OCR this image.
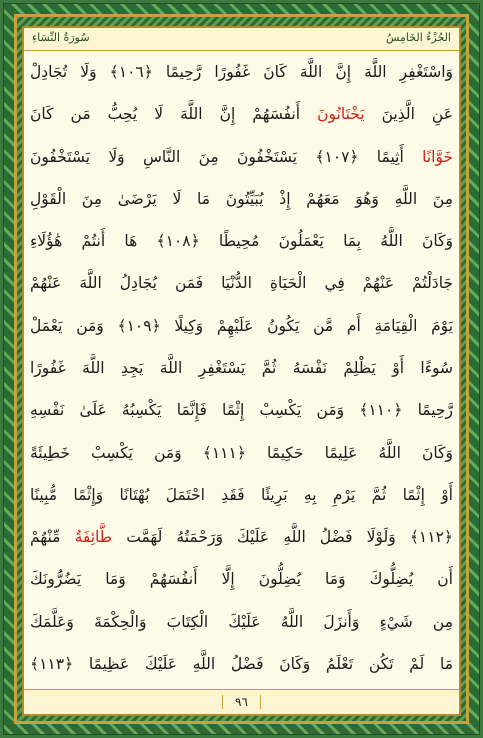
سُورَةُ النِّسَاءِ	الجُزْءُ الخَامِسُ
وَاسْتَغْفِرِ اللَّهَ إِنَّ اللَّهَ كَانَ غَفُورًا رَّحِيمًا ﴿١٠٦﴾ وَلَا تُجَادِلْ
عَنِ الَّذِينَ يَخْتَانُونَ أَنفُسَهُمْ إِنَّ اللَّهَ لَا يُحِبُّ مَن كَانَ
خَوَّانًا أَثِيمًا ﴿١٠٧﴾ يَسْتَخْفُونَ مِنَ النَّاسِ وَلَا يَسْتَخْفُونَ
مِنَ اللَّهِ وَهُوَ مَعَهُمْ إِذْ يُبَيِّتُونَ مَا لَا يَرْضَىٰ مِنَ الْقَوْلِ
وَكَانَ اللَّهُ بِمَا يَعْمَلُونَ مُحِيطًا ﴿١٠٨﴾ هَا أَنتُمْ هَٰؤُلَاءِ
جَادَلْتُمْ عَنْهُمْ فِي الْحَيَاةِ الدُّنْيَا فَمَن يُجَادِلُ اللَّهَ عَنْهُمْ
يَوْمَ الْقِيَامَةِ أَم مَّن يَكُونُ عَلَيْهِمْ وَكِيلًا ﴿١٠٩﴾ وَمَن يَعْمَلْ
سُوءًا أَوْ يَظْلِمْ نَفْسَهُ ثُمَّ يَسْتَغْفِرِ اللَّهَ يَجِدِ اللَّهَ غَفُورًا
رَّحِيمًا ﴿١١٠﴾ وَمَن يَكْسِبْ إِثْمًا فَإِنَّمَا يَكْسِبُهُ عَلَىٰ نَفْسِهِ
وَكَانَ اللَّهُ عَلِيمًا حَكِيمًا ﴿١١١﴾ وَمَن يَكْسِبْ خَطِيئَةً
أَوْ إِثْمًا ثُمَّ يَرْمِ بِهِ بَرِيئًا فَقَدِ احْتَمَلَ بُهْتَانًا وَإِثْمًا مُّبِينًا
﴿١١٢﴾ وَلَوْلَا فَضْلُ اللَّهِ عَلَيْكَ وَرَحْمَتُهُ لَهَمَّت طَّائِفَةٌ مِّنْهُمْ
أَن يُضِلُّوكَ وَمَا يُضِلُّونَ إِلَّا أَنفُسَهُمْ وَمَا يَضُرُّونَكَ
مِن شَيْءٍ وَأَنزَلَ اللَّهُ عَلَيْكَ الْكِتَابَ وَالْحِكْمَةَ وَعَلَّمَكَ
مَا لَمْ تَكُن تَعْلَمُ وَكَانَ فَضْلُ اللَّهِ عَلَيْكَ عَظِيمًا ﴿١١٣﴾
٩٦
